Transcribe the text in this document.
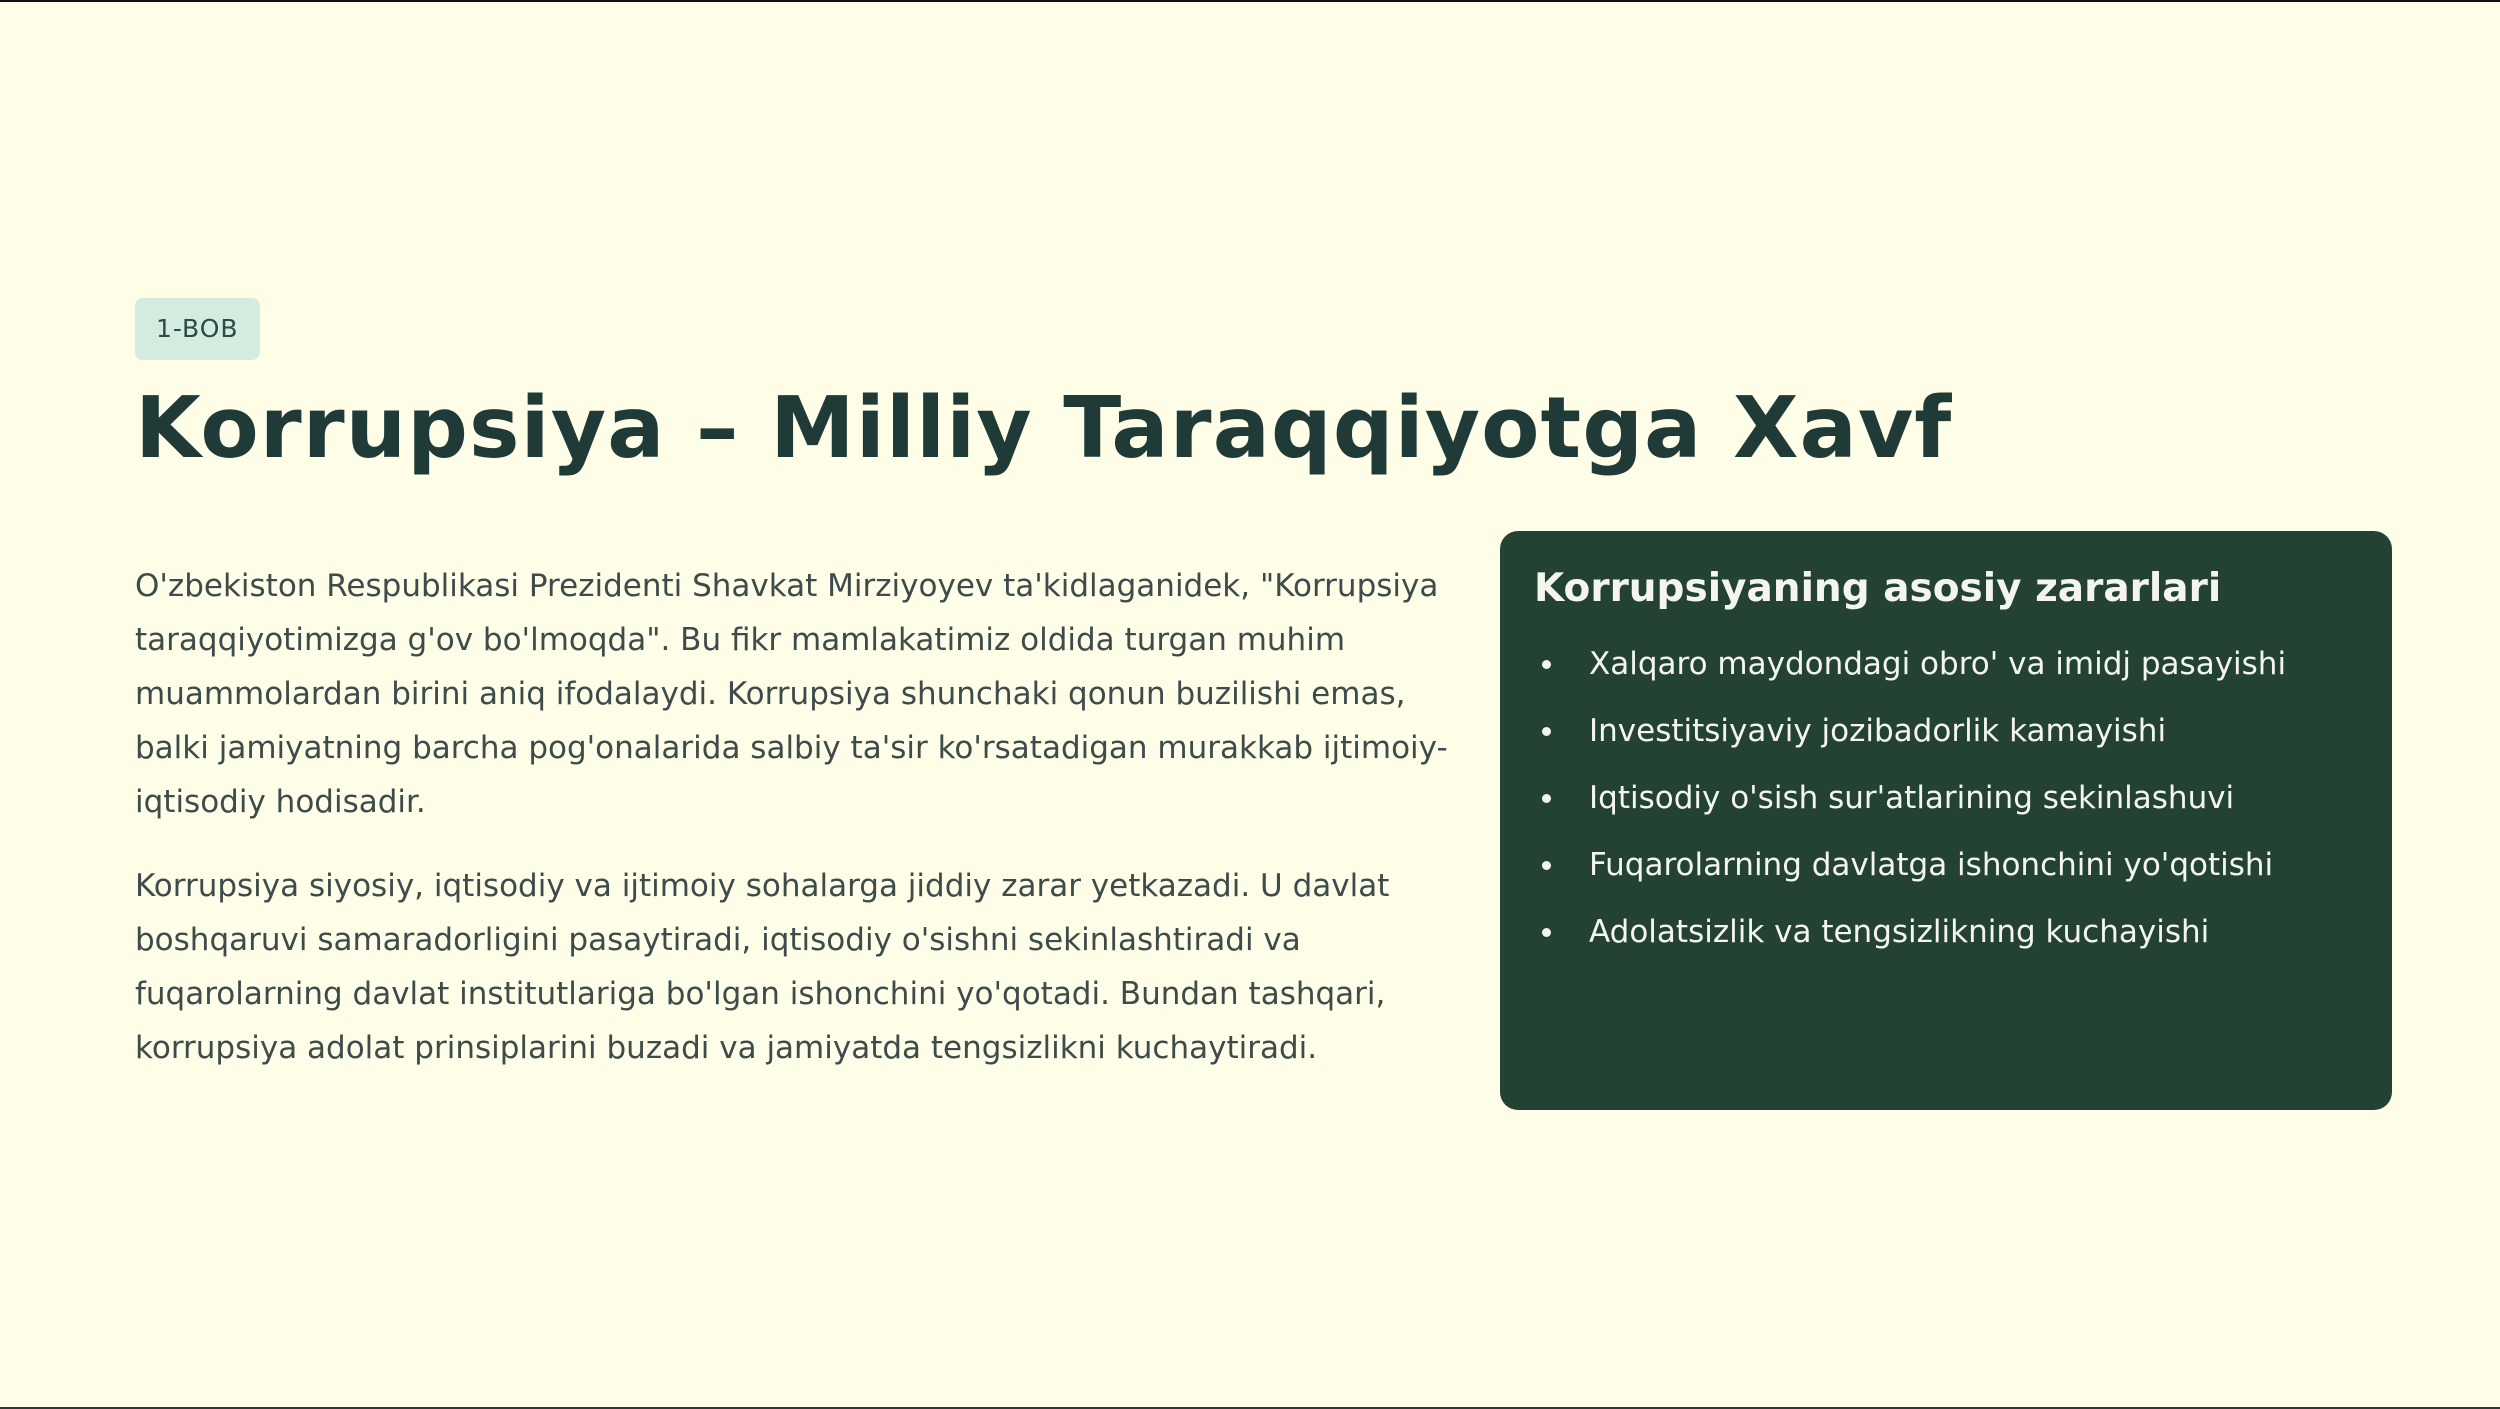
1-BOB
Korrupsiya – Milliy Taraqqiyotga Xavf

O'zbekiston Respublikasi Prezidenti Shavkat Mirziyoyev ta'kidlaganidek, "Korrupsiya taraqqiyotimizga g'ov bo'lmoqda". Bu fikr mamlakatimiz oldida turgan muhim muammolardan birini aniq ifodalaydi. Korrupsiya shunchaki qonun buzilishi emas, balki jamiyatning barcha pog'onalarida salbiy ta'sir ko'rsatadigan murakkab ijtimoiy-iqtisodiy hodisadir.

Korrupsiya siyosiy, iqtisodiy va ijtimoiy sohalarga jiddiy zarar yetkazadi. U davlat boshqaruvi samaradorligini pasaytiradi, iqtisodiy o'sishni sekinlashtiradi va fuqarolarning davlat institutlariga bo'lgan ishonchini yo'qotadi. Bundan tashqari, korrupsiya adolat prinsiplarini buzadi va jamiyatda tengsizlikni kuchaytiradi.

Korrupsiyaning asosiy zararlari
Xalqaro maydondagi obro' va imidj pasayishi
Investitsiyaviy jozibadorlik kamayishi
Iqtisodiy o'sish sur'atlarining sekinlashuvi
Fuqarolarning davlatga ishonchini yo'qotishi
Adolatsizlik va tengsizlikning kuchayishi
